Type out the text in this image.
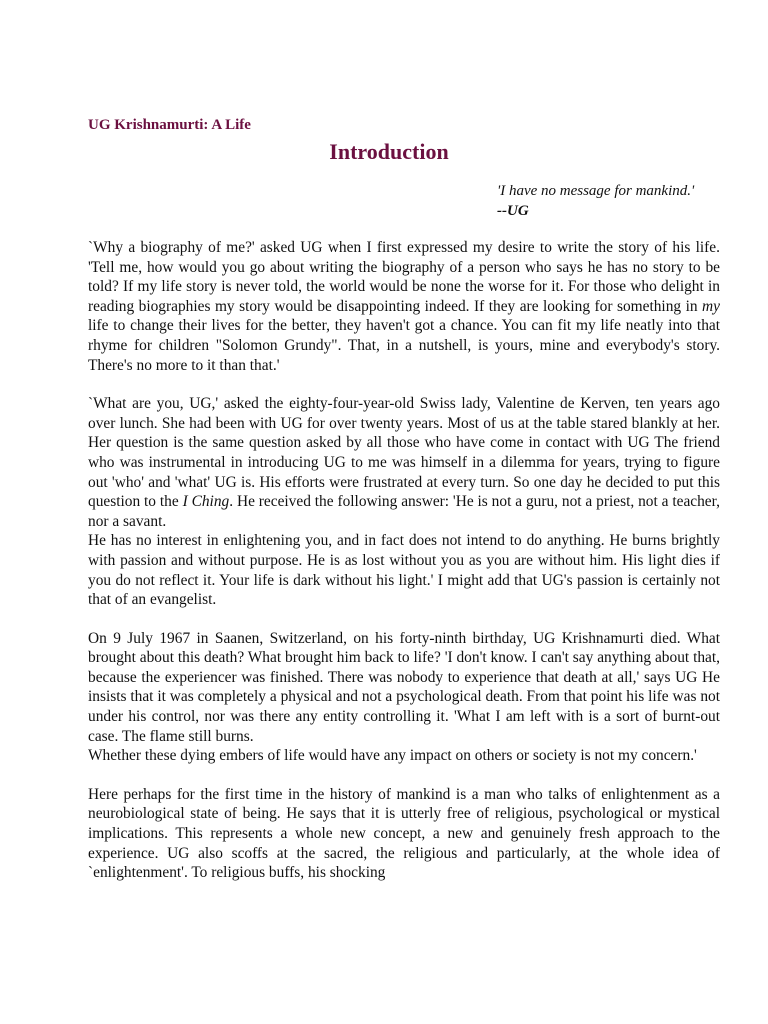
UG Krishnamurti: A Life
Introduction
'I have no message for mankind.'
--UG

`Why a biography of me?' asked UG when I first expressed my desire to write the story of his life. 'Tell me, how would you go about writing the biography of a person who says he has no story to be told? If my life story is never told, the world would be none the worse for it. For those who delight in reading biographies my story would be disappointing indeed. If they are looking for something in my life to change their lives for the better, they haven't got a chance. You can fit my life neatly into that rhyme for children "Solomon Grundy". That, in a nutshell, is yours, mine and everybody's story. There's no more to it than that.'

`What are you, UG,' asked the eighty-four-year-old Swiss lady, Valentine de Kerven, ten years ago over lunch. She had been with UG for over twenty years. Most of us at the table stared blankly at her. Her question is the same question asked by all those who have come in contact with UG The friend who was instrumental in introducing UG to me was himself in a dilemma for years, trying to figure out 'who' and 'what' UG is. His efforts were frustrated at every turn. So one day he decided to put this question to the I Ching. He received the following answer: 'He is not a guru, not a priest, not a teacher, nor a savant.

He has no interest in enlightening you, and in fact does not intend to do anything. He burns brightly with passion and without purpose. He is as lost without you as you are without him. His light dies if you do not reflect it. Your life is dark without his light.' I might add that UG's passion is certainly not that of an evangelist.

On 9 July 1967 in Saanen, Switzerland, on his forty-ninth birthday, UG Krishnamurti died. What brought about this death? What brought him back to life? 'I don't know. I can't say anything about that, because the experiencer was finished. There was nobody to experience that death at all,' says UG He insists that it was completely a physical and not a psychological death. From that point his life was not under his control, nor was there any entity controlling it. 'What I am left with is a sort of burnt-out case. The flame still burns.

Whether these dying embers of life would have any impact on others or society is not my concern.'

Here perhaps for the first time in the history of mankind is a man who talks of enlightenment as a neurobiological state of being. He says that it is utterly free of religious, psychological or mystical implications. This represents a whole new concept, a new and genuinely fresh approach to the experience. UG also scoffs at the sacred, the religious and particularly, at the whole idea of `enlightenment'. To religious buffs, his shocking
